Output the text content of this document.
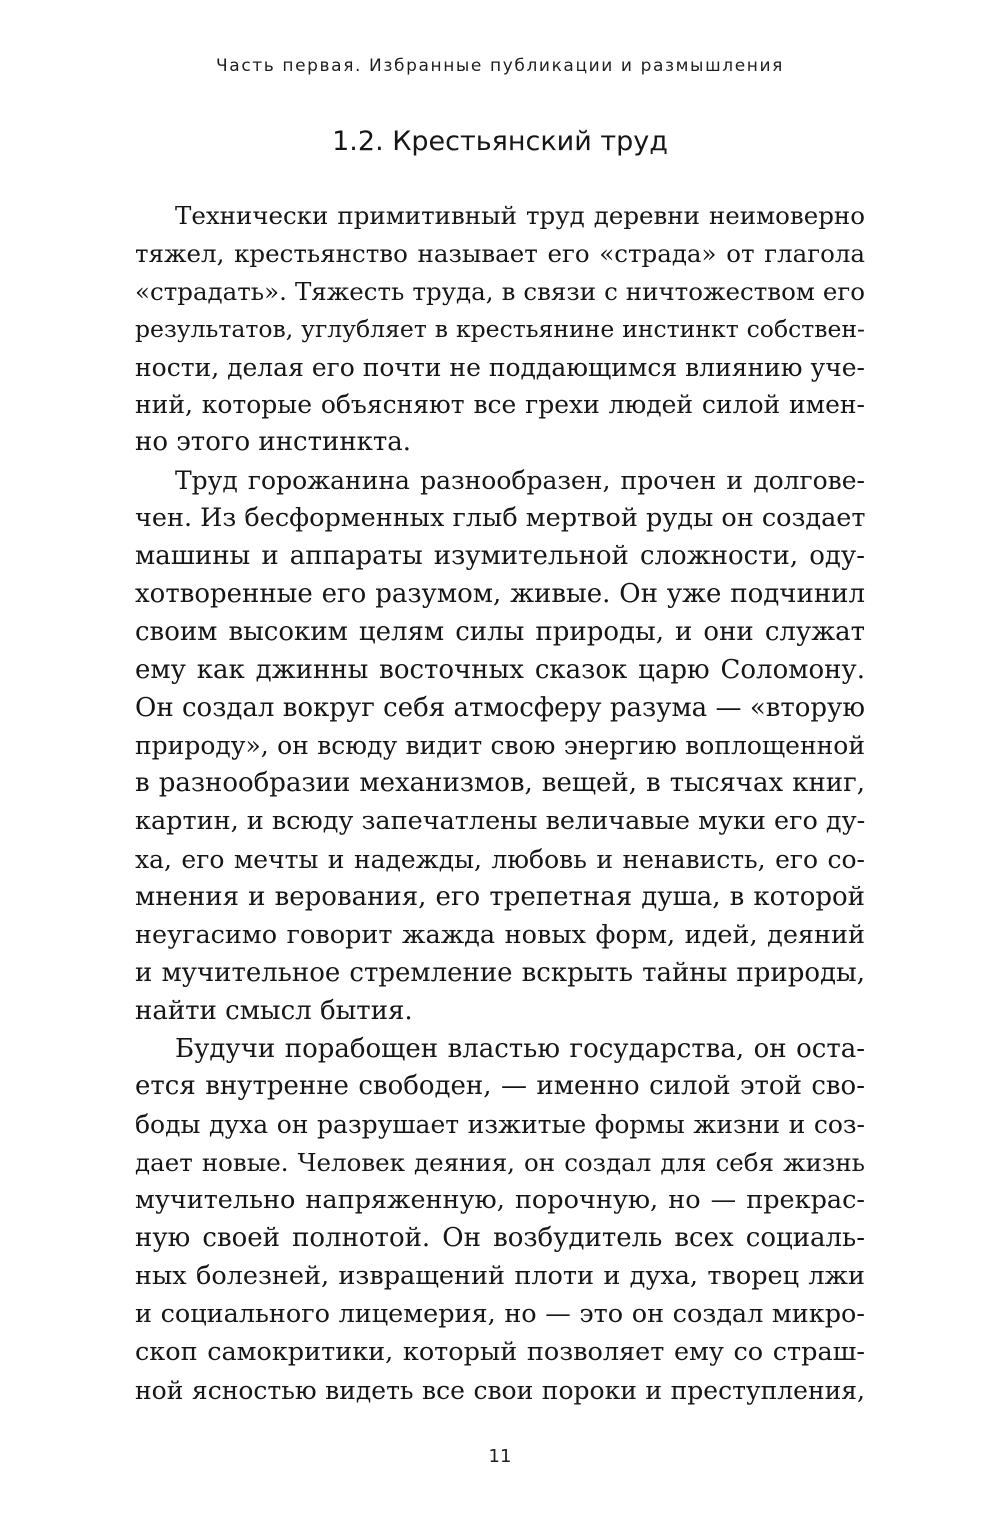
Часть первая. Избранные публикации и размышления
1.2. Крестьянский труд
Технически примитивный труд деревни неимоверно
тяжел, крестьянство называет его «страда» от глагола
«страдать». Тяжесть труда, в связи с ничтожеством его
результатов, углубляет в крестьянине инстинкт собствен-
ности, делая его почти не поддающимся влиянию уче-
ний, которые объясняют все грехи людей силой имен-
но этого инстинкта.
Труд горожанина разнообразен, прочен и долгове-
чен. Из бесформенных глыб мертвой руды он создает
машины и аппараты изумительной сложности, оду-
хотворенные его разумом, живые. Он уже подчинил
своим высоким целям силы природы, и они служат
ему как джинны восточных сказок царю Соломону.
Он создал вокруг себя атмосферу разума — «вторую
природу», он всюду видит свою энергию воплощенной
в разнообразии механизмов, вещей, в тысячах книг,
картин, и всюду запечатлены величавые муки его ду-
ха, его мечты и надежды, любовь и ненависть, его со-
мнения и верования, его трепетная душа, в которой
неугасимо говорит жажда новых форм, идей, деяний
и мучительное стремление вскрыть тайны природы,
найти смысл бытия.
Будучи порабощен властью государства, он оста-
ется внутренне свободен, — именно силой этой сво-
боды духа он разрушает изжитые формы жизни и соз-
дает новые. Человек деяния, он создал для себя жизнь
мучительно напряженную, порочную, но — прекрас-
ную своей полнотой. Он возбудитель всех социаль-
ных болезней, извращений плоти и духа, творец лжи
и социального лицемерия, но — это он создал микро-
скоп самокритики, который позволяет ему со страш-
ной ясностью видеть все свои пороки и преступления,
11
